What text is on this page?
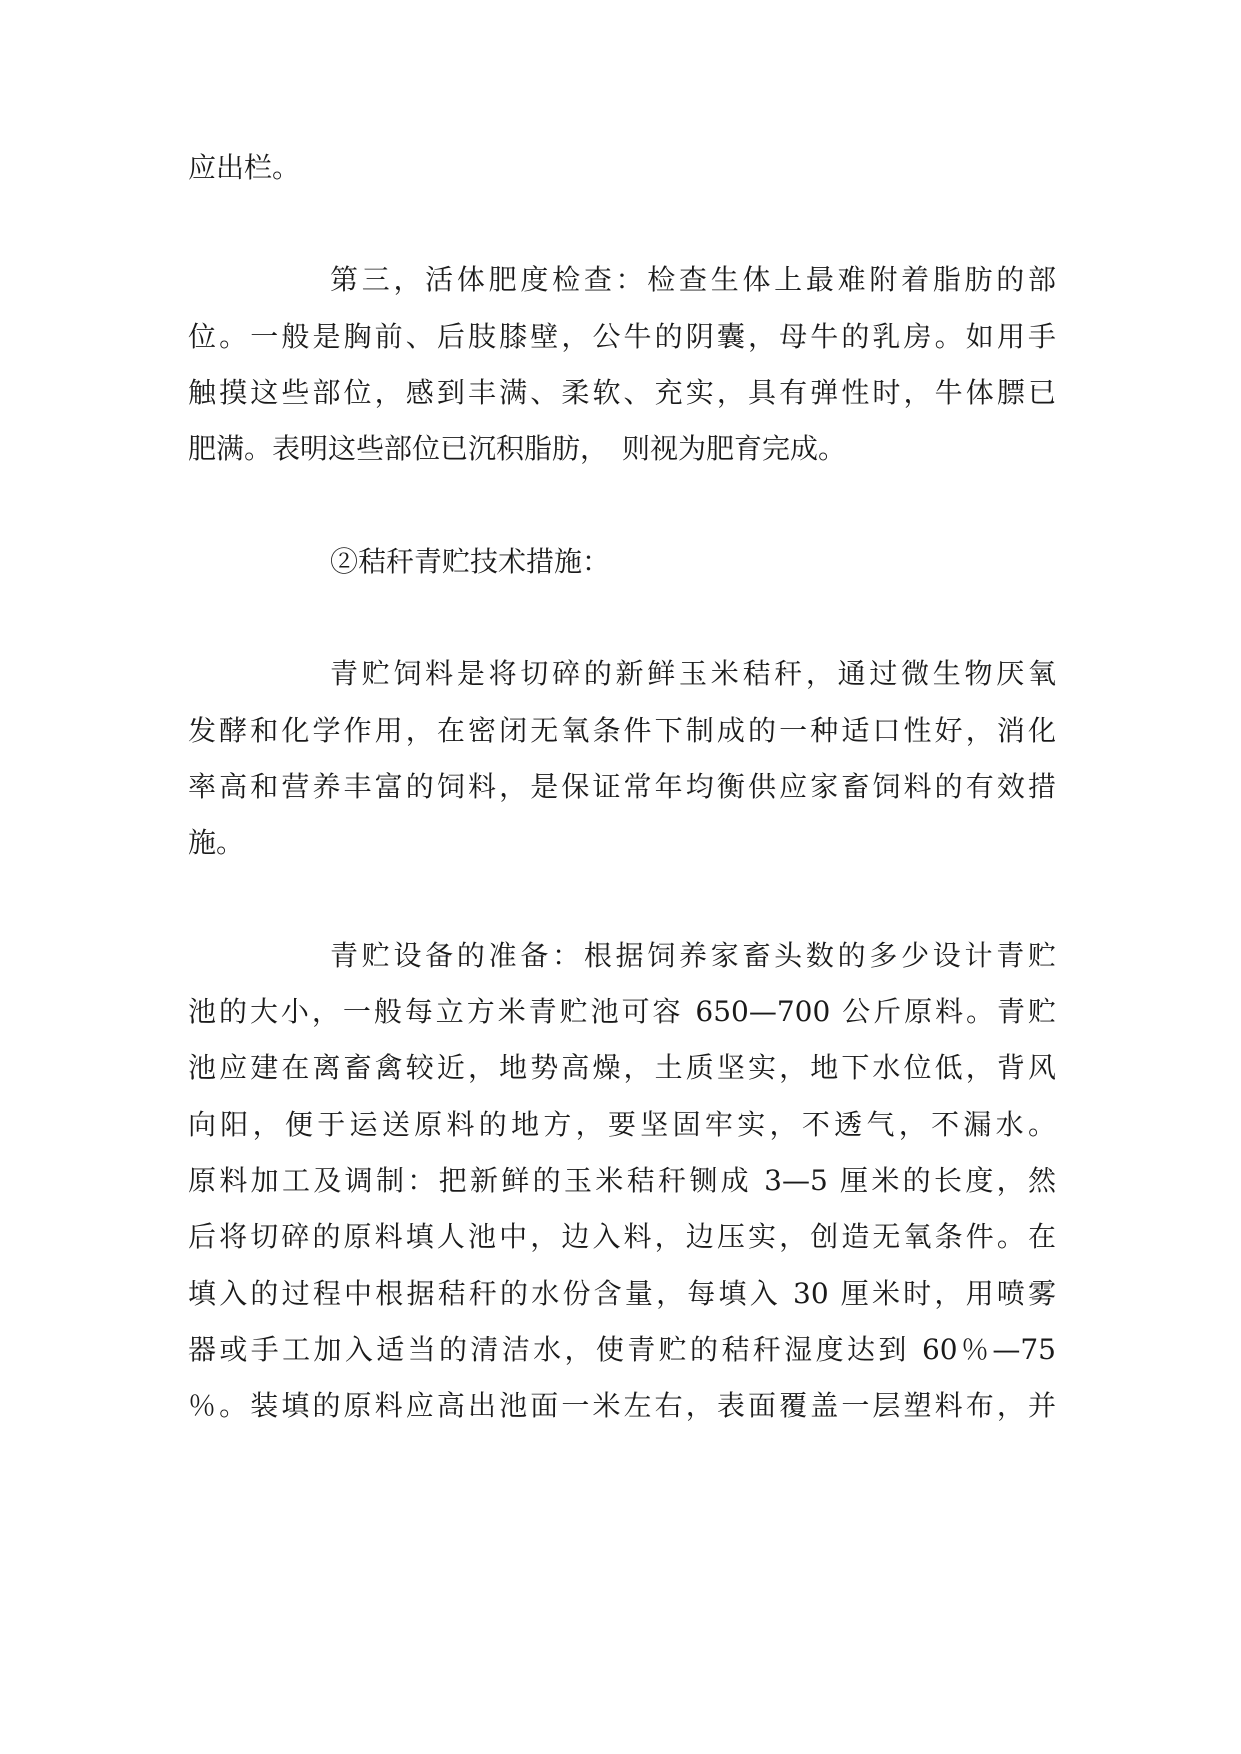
应出栏。
第三，活体肥度检查：检查生体上最难附着脂肪的部
位。一般是胸前、后肢膝壁，公牛的阴囊，母牛的乳房。如用手
触摸这些部位，感到丰满、柔软、充实，具有弹性时，牛体膘已
肥满。表明这些部位已沉积脂肪，　则视为肥育完成。
②秸秆青贮技术措施：
青贮饲料是将切碎的新鲜玉米秸秆，通过微生物厌氧
发酵和化学作用，在密闭无氧条件下制成的一种适口性好，消化
率高和营养丰富的饲料，是保证常年均衡供应家畜饲料的有效措
施。
青贮设备的准备：根据饲养家畜头数的多少设计青贮
池的大小，一般每立方米青贮池可容 650—700 公斤原料。青贮
池应建在离畜禽较近，地势高燥，土质坚实，地下水位低，背风
向阳，便于运送原料的地方，要坚固牢实，不透气，不漏水。
原料加工及调制：把新鲜的玉米秸秆铡成 3—5 厘米的长度，然
后将切碎的原料填人池中，边入料，边压实，创造无氧条件。在
填入的过程中根据秸秆的水份含量，每填入 30 厘米时，用喷雾
器或手工加入适当的清洁水，使青贮的秸秆湿度达到 60％—75
％。装填的原料应高出池面一米左右，表面覆盖一层塑料布，并
